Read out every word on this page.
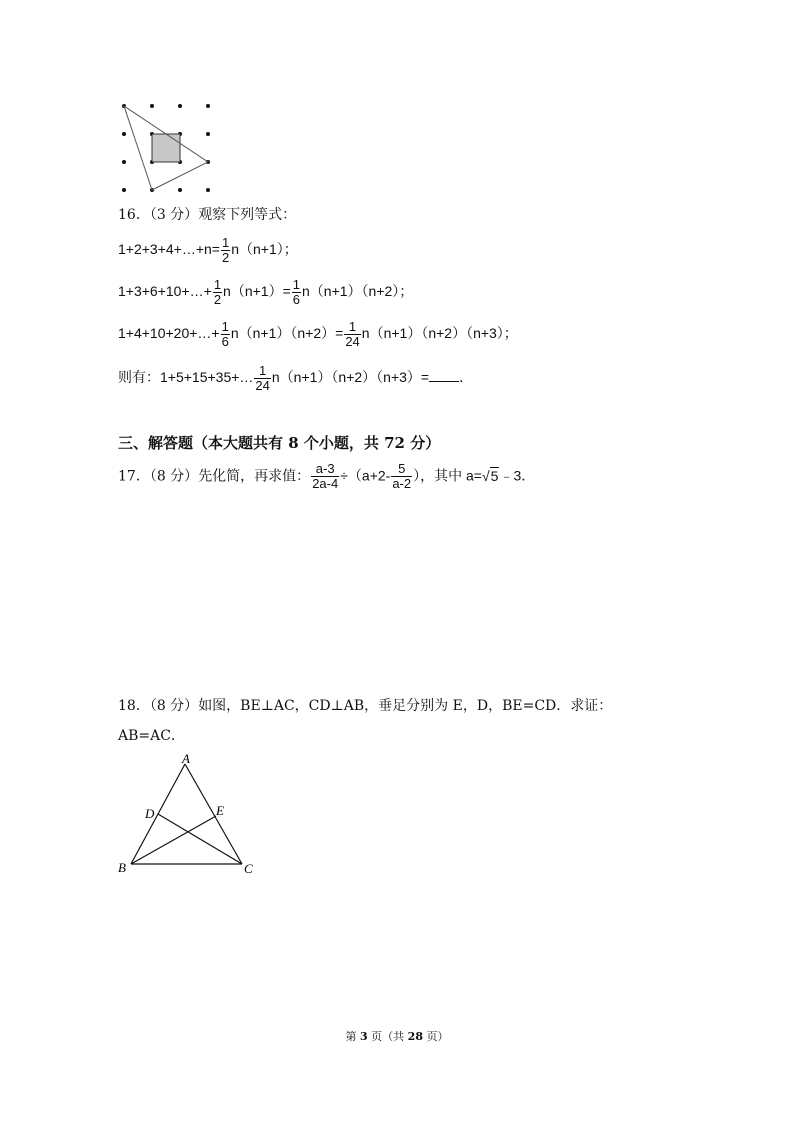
16．（3 分）观察下列等式：
1+2+3+4+…+n= $\frac{1}{2} n(n+1)$；
1+3+6+10+…+ $\frac{1}{2} n(n+1)= \frac{1}{6} n(n+1)(n+2)$；
1+4+10+20+…+ $\frac{1}{6} n(n+1)(n+2)= \frac{1}{24} n(n+1)(n+2)(n+3)$；
则有：1+5+15+35+… $\frac{1}{24} n(n+1)(n+2)(n+3)=$ ．
三、解答题（本大题共有 8 个小题，共 72 分）
17．（8 分）先化简，再求值： $\frac{a-3}{2a-4} \div(a+2- \frac{5}{a-2}$ ），其中 a=√5﹣3．
18．（8 分）如图，BE⊥AC，CD⊥AB，垂足分别为 E，D，BE=CD．求证：
AB=AC．
A
B	C
D	E
第 3 页（共 28 页）
